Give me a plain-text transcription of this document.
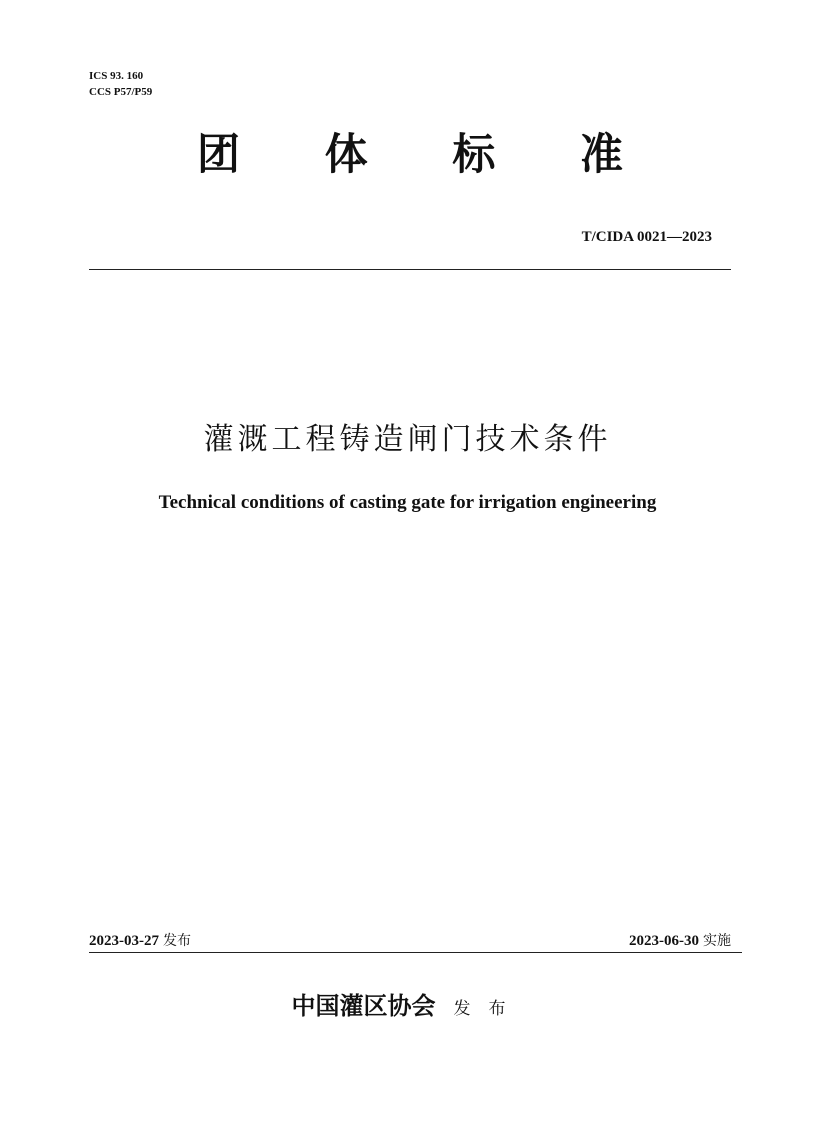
ICS 93. 160
CCS P57/P59
团 体 标 准
T/CIDA 0021—2023
灌溉工程铸造闸门技术条件
Technical conditions of casting gate for irrigation engineering
2023-03-27 发布	2023-06-30 实施
中国灌区协会 发布
